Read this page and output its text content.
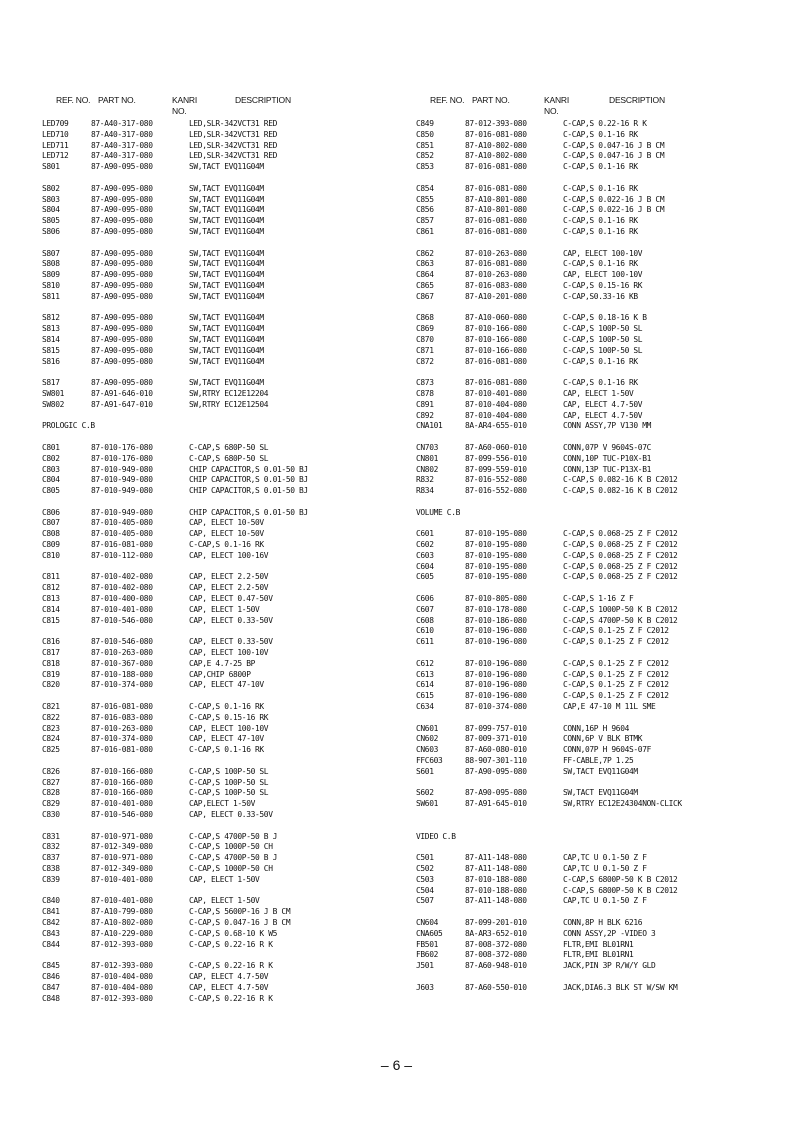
REF. NO. PART NO.	KANRI
NO.
DESCRIPTION
LED709	87-A40-317-080	LED,SLR-342VCT31 RED
LED710	87-A40-317-080	LED,SLR-342VCT31 RED
LED711	87-A40-317-080	LED,SLR-342VCT31 RED
LED712	87-A40-317-080	LED,SLR-342VCT31 RED
S801	87-A90-095-080	SW,TACT EVQ11G04M
S802	87-A90-095-080	SW,TACT EVQ11G04M
S803	87-A90-095-080	SW,TACT EVQ11G04M
S804	87-A90-095-080	SW,TACT EVQ11G04M
S805	87-A90-095-080	SW,TACT EVQ11G04M
S806	87-A90-095-080	SW,TACT EVQ11G04M
S807	87-A90-095-080	SW,TACT EVQ11G04M
S808	87-A90-095-080	SW,TACT EVQ11G04M
S809	87-A90-095-080	SW,TACT EVQ11G04M
S810	87-A90-095-080	SW,TACT EVQ11G04M
S811	87-A90-095-080	SW,TACT EVQ11G04M
S812	87-A90-095-080	SW,TACT EVQ11G04M
S813	87-A90-095-080	SW,TACT EVQ11G04M
S814	87-A90-095-080	SW,TACT EVQ11G04M
S815	87-A90-095-080	SW,TACT EVQ11G04M
S816	87-A90-095-080	SW,TACT EVQ11G04M
S817	87-A90-095-080	SW,TACT EVQ11G04M
SW801	87-A91-646-010	SW,RTRY EC12E12204
SW802	87-A91-647-010	SW,RTRY EC12E12504
PROLOGIC C.B
C801	87-010-176-080	C-CAP,S 680P-50 SL
C802	87-010-176-080	C-CAP,S 680P-50 SL
C803	87-010-949-080	CHIP CAPACITOR,S 0.01-50 BJ
C804	87-010-949-080	CHIP CAPACITOR,S 0.01-50 BJ
C805	87-010-949-080	CHIP CAPACITOR,S 0.01-50 BJ
C806	87-010-949-080	CHIP CAPACITOR,S 0.01-50 BJ
C807	87-010-405-080	CAP, ELECT 10-50V
C808	87-010-405-080	CAP, ELECT 10-50V
C809	87-016-081-080	C-CAP,S 0.1-16 RK
C810	87-010-112-080	CAP, ELECT 100-16V
C811	87-010-402-080	CAP, ELECT 2.2-50V
C812	87-010-402-080	CAP, ELECT 2.2-50V
C813	87-010-400-080	CAP, ELECT 0.47-50V
C814	87-010-401-080	CAP, ELECT 1-50V
C815	87-010-546-080	CAP, ELECT 0.33-50V
C816	87-010-546-080	CAP, ELECT 0.33-50V
C817	87-010-263-080	CAP, ELECT 100-10V
C818	87-010-367-080	CAP,E 4.7-25 BP
C819	87-010-188-080	CAP,CHIP 6800P
C820	87-010-374-080	CAP, ELECT 47-10V
C821	87-016-081-080	C-CAP,S 0.1-16 RK
C822	87-016-083-080	C-CAP,S 0.15-16 RK
C823	87-010-263-080	CAP, ELECT 100-10V
C824	87-010-374-080	CAP, ELECT 47-10V
C825	87-016-081-080	C-CAP,S 0.1-16 RK
C826	87-010-166-080	C-CAP,S 100P-50 SL
C827	87-010-166-080	C-CAP,S 100P-50 SL
C828	87-010-166-080	C-CAP,S 100P-50 SL
C829	87-010-401-080	CAP,ELECT 1-50V
C830	87-010-546-080	CAP, ELECT 0.33-50V
C831	87-010-971-080	C-CAP,S 4700P-50 B J
C832	87-012-349-080	C-CAP,S 1000P-50 CH
C837	87-010-971-080	C-CAP,S 4700P-50 B J
C838	87-012-349-080	C-CAP,S 1000P-50 CH
C839	87-010-401-080	CAP, ELECT 1-50V
C840	87-010-401-080	CAP, ELECT 1-50V
C841	87-A10-799-080	C-CAP,S 5600P-16 J B CM
C842	87-A10-802-080	C-CAP,S 0.047-16 J B CM
C843	87-A10-229-080	C-CAP,S 0.68-10 K W5
C844	87-012-393-080	C-CAP,S 0.22-16 R K
C845	87-012-393-080	C-CAP,S 0.22-16 R K
C846	87-010-404-080	CAP, ELECT 4.7-50V
C847	87-010-404-080	CAP, ELECT 4.7-50V
C848	87-012-393-080	C-CAP,S 0.22-16 R K
REF. NO. PART NO.	KANRI
NO.
DESCRIPTION
C849	87-012-393-080	C-CAP,S 0.22-16 R K
C850	87-016-081-080	C-CAP,S 0.1-16 RK
C851	87-A10-802-080	C-CAP,S 0.047-16 J B CM
C852	87-A10-802-080	C-CAP,S 0.047-16 J B CM
C853	87-016-081-080	C-CAP,S 0.1-16 RK
C854	87-016-081-080	C-CAP,S 0.1-16 RK
C855	87-A10-801-080	C-CAP,S 0.022-16 J B CM
C856	87-A10-801-080	C-CAP,S 0.022-16 J B CM
C857	87-016-081-080	C-CAP,S 0.1-16 RK
C861	87-016-081-080	C-CAP,S 0.1-16 RK
C862	87-010-263-080	CAP, ELECT 100-10V
C863	87-016-081-080	C-CAP,S 0.1-16 RK
C864	87-010-263-080	CAP, ELECT 100-10V
C865	87-016-083-080	C-CAP,S 0.15-16 RK
C867	87-A10-201-080	C-CAP,S0.33-16 KB
C868	87-A10-060-080	C-CAP,S 0.18-16 K B
C869	87-010-166-080	C-CAP,S 100P-50 SL
C870	87-010-166-080	C-CAP,S 100P-50 SL
C871	87-010-166-080	C-CAP,S 100P-50 SL
C872	87-016-081-080	C-CAP,S 0.1-16 RK
C873	87-016-081-080	C-CAP,S 0.1-16 RK
C878	87-010-401-080	CAP, ELECT 1-50V
C891	87-010-404-080	CAP, ELECT 4.7-50V
C892	87-010-404-080	CAP, ELECT 4.7-50V
CNA101	8A-AR4-655-010	CONN ASSY,7P V130 MM
CN703	87-A60-060-010	CONN,07P V 9604S-07C
CN801	87-099-556-010	CONN,10P TUC-P10X-B1
CN802	87-099-559-010	CONN,13P TUC-P13X-B1
R832	87-016-552-080	C-CAP,S 0.082-16 K B C2012
R834	87-016-552-080	C-CAP,S 0.082-16 K B C2012
VOLUME C.B
C601	87-010-195-080	C-CAP,S 0.068-25 Z F C2012
C602	87-010-195-080	C-CAP,S 0.068-25 Z F C2012
C603	87-010-195-080	C-CAP,S 0.068-25 Z F C2012
C604	87-010-195-080	C-CAP,S 0.068-25 Z F C2012
C605	87-010-195-080	C-CAP,S 0.068-25 Z F C2012
C606	87-010-805-080	C-CAP,S 1-16 Z F
C607	87-010-178-080	C-CAP,S 1000P-50 K B C2012
C608	87-010-186-080	C-CAP,S 4700P-50 K B C2012
C610	87-010-196-080	C-CAP,S 0.1-25 Z F C2012
C611	87-010-196-080	C-CAP,S 0.1-25 Z F C2012
C612	87-010-196-080	C-CAP,S 0.1-25 Z F C2012
C613	87-010-196-080	C-CAP,S 0.1-25 Z F C2012
C614	87-010-196-080	C-CAP,S 0.1-25 Z F C2012
C615	87-010-196-080	C-CAP,S 0.1-25 Z F C2012
C634	87-010-374-080	CAP,E 47-10 M 11L SME
CN601	87-099-757-010	CONN,16P H 9604
CN602	87-009-371-010	CONN,6P V BLK BTMK
CN603	87-A60-080-010	CONN,07P H 9604S-07F
FFC603	88-907-301-110	FF-CABLE,7P 1.25
S601	87-A90-095-080	SW,TACT EVQ11G04M
S602	87-A90-095-080	SW,TACT EVQ11G04M
SW601	87-A91-645-010	SW,RTRY EC12E24304NON-CLICK
VIDEO C.B
C501	87-A11-148-080	CAP,TC U 0.1-50 Z F
C502	87-A11-148-080	CAP,TC U 0.1-50 Z F
C503	87-010-188-080	C-CAP,S 6800P-50 K B C2012
C504	87-010-188-080	C-CAP,S 6800P-50 K B C2012
C507	87-A11-148-080	CAP,TC U 0.1-50 Z F
CN604	87-099-201-010	CONN,8P H BLK 6216
CNA605	8A-AR3-652-010	CONN ASSY,2P -VIDEO 3
FB501	87-008-372-080	FLTR,EMI BL01RN1
FB602	87-008-372-080	FLTR,EMI BL01RN1
J501	87-A60-948-010	JACK,PIN 3P R/W/Y GLD
J603	87-A60-550-010	JACK,DIA6.3 BLK ST W/SW KM
– 6 –
